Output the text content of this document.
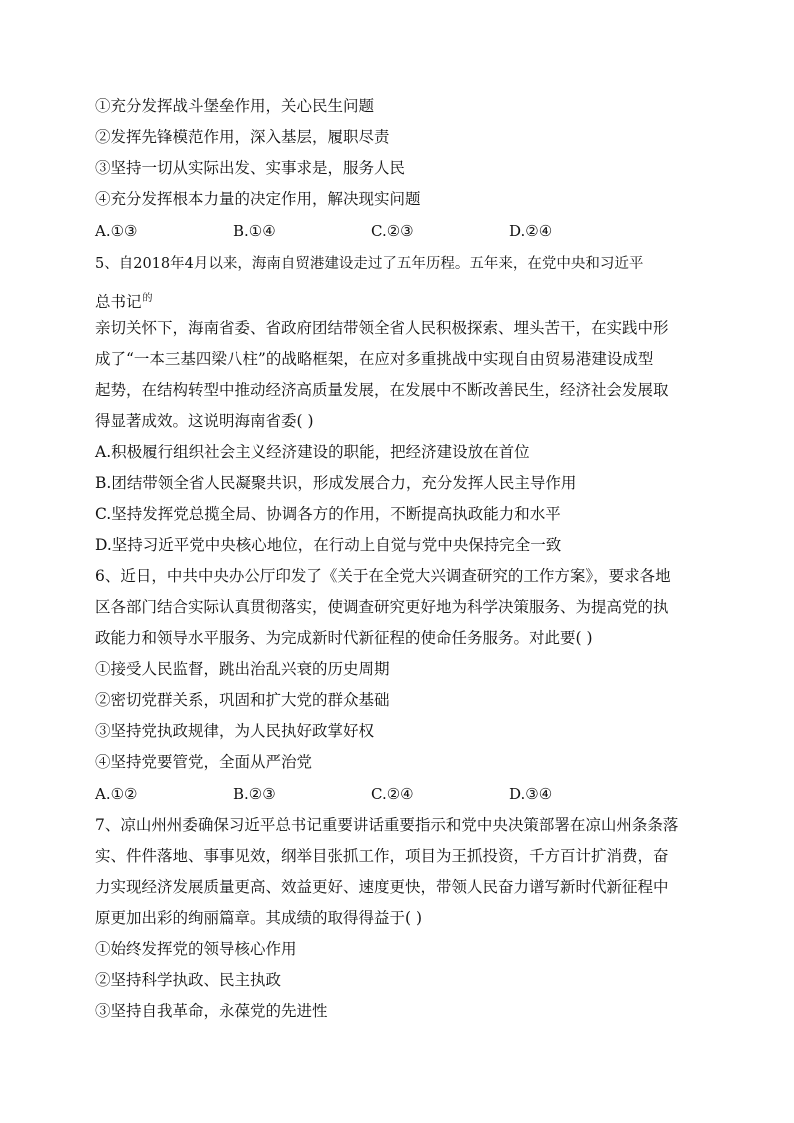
①充分发挥战斗堡垒作用，关心民生问题
②发挥先锋模范作用，深入基层，履职尽责
③坚持一切从实际出发、实事求是，服务人民
④充分发挥根本力量的决定作用，解决现实问题
A.①③	B.①④	C.②③	D.②④
5、自2018年4月以来，海南自贸港建设走过了五年历程。五年来，在党中央和习近平
总书记$^的$
亲切关怀下，海南省委、省政府团结带领全省人民积极探索、埋头苦干，在实践中形
成了“一本三基四梁八柱”的战略框架，在应对多重挑战中实现自由贸易港建设成型
起势，在结构转型中推动经济高质量发展，在发展中不断改善民生，经济社会发展取
得显著成效。这说明海南省委( )
A.积极履行组织社会主义经济建设的职能，把经济建设放在首位
B.团结带领全省人民凝聚共识，形成发展合力，充分发挥人民主导作用
C.坚持发挥党总揽全局、协调各方的作用，不断提高执政能力和水平
D.坚持习近平党中央核心地位，在行动上自觉与党中央保持完全一致
6、近日，中共中央办公厅印发了《关于在全党大兴调查研究的工作方案》，要求各地
区各部门结合实际认真贯彻落实，使调查研究更好地为科学决策服务、为提高党的执
政能力和领导水平服务、为完成新时代新征程的使命任务服务。对此要( )
①接受人民监督，跳出治乱兴衰的历史周期
②密切党群关系，巩固和扩大党的群众基础
③坚持党执政规律，为人民执好政掌好权
④坚持党要管党，全面从严治党
A.①②	B.②③	C.②④	D.③④
7、凉山州州委确保习近平总书记重要讲话重要指示和党中央决策部署在凉山州条条落
实、件件落地、事事见效，纲举目张抓工作，项目为王抓投资，千方百计扩消费，奋
力实现经济发展质量更高、效益更好、速度更快，带领人民奋力谱写新时代新征程中
原更加出彩的绚丽篇章。其成绩的取得得益于( )
①始终发挥党的领导核心作用
②坚持科学执政、民主执政
③坚持自我革命，永葆党的先进性
